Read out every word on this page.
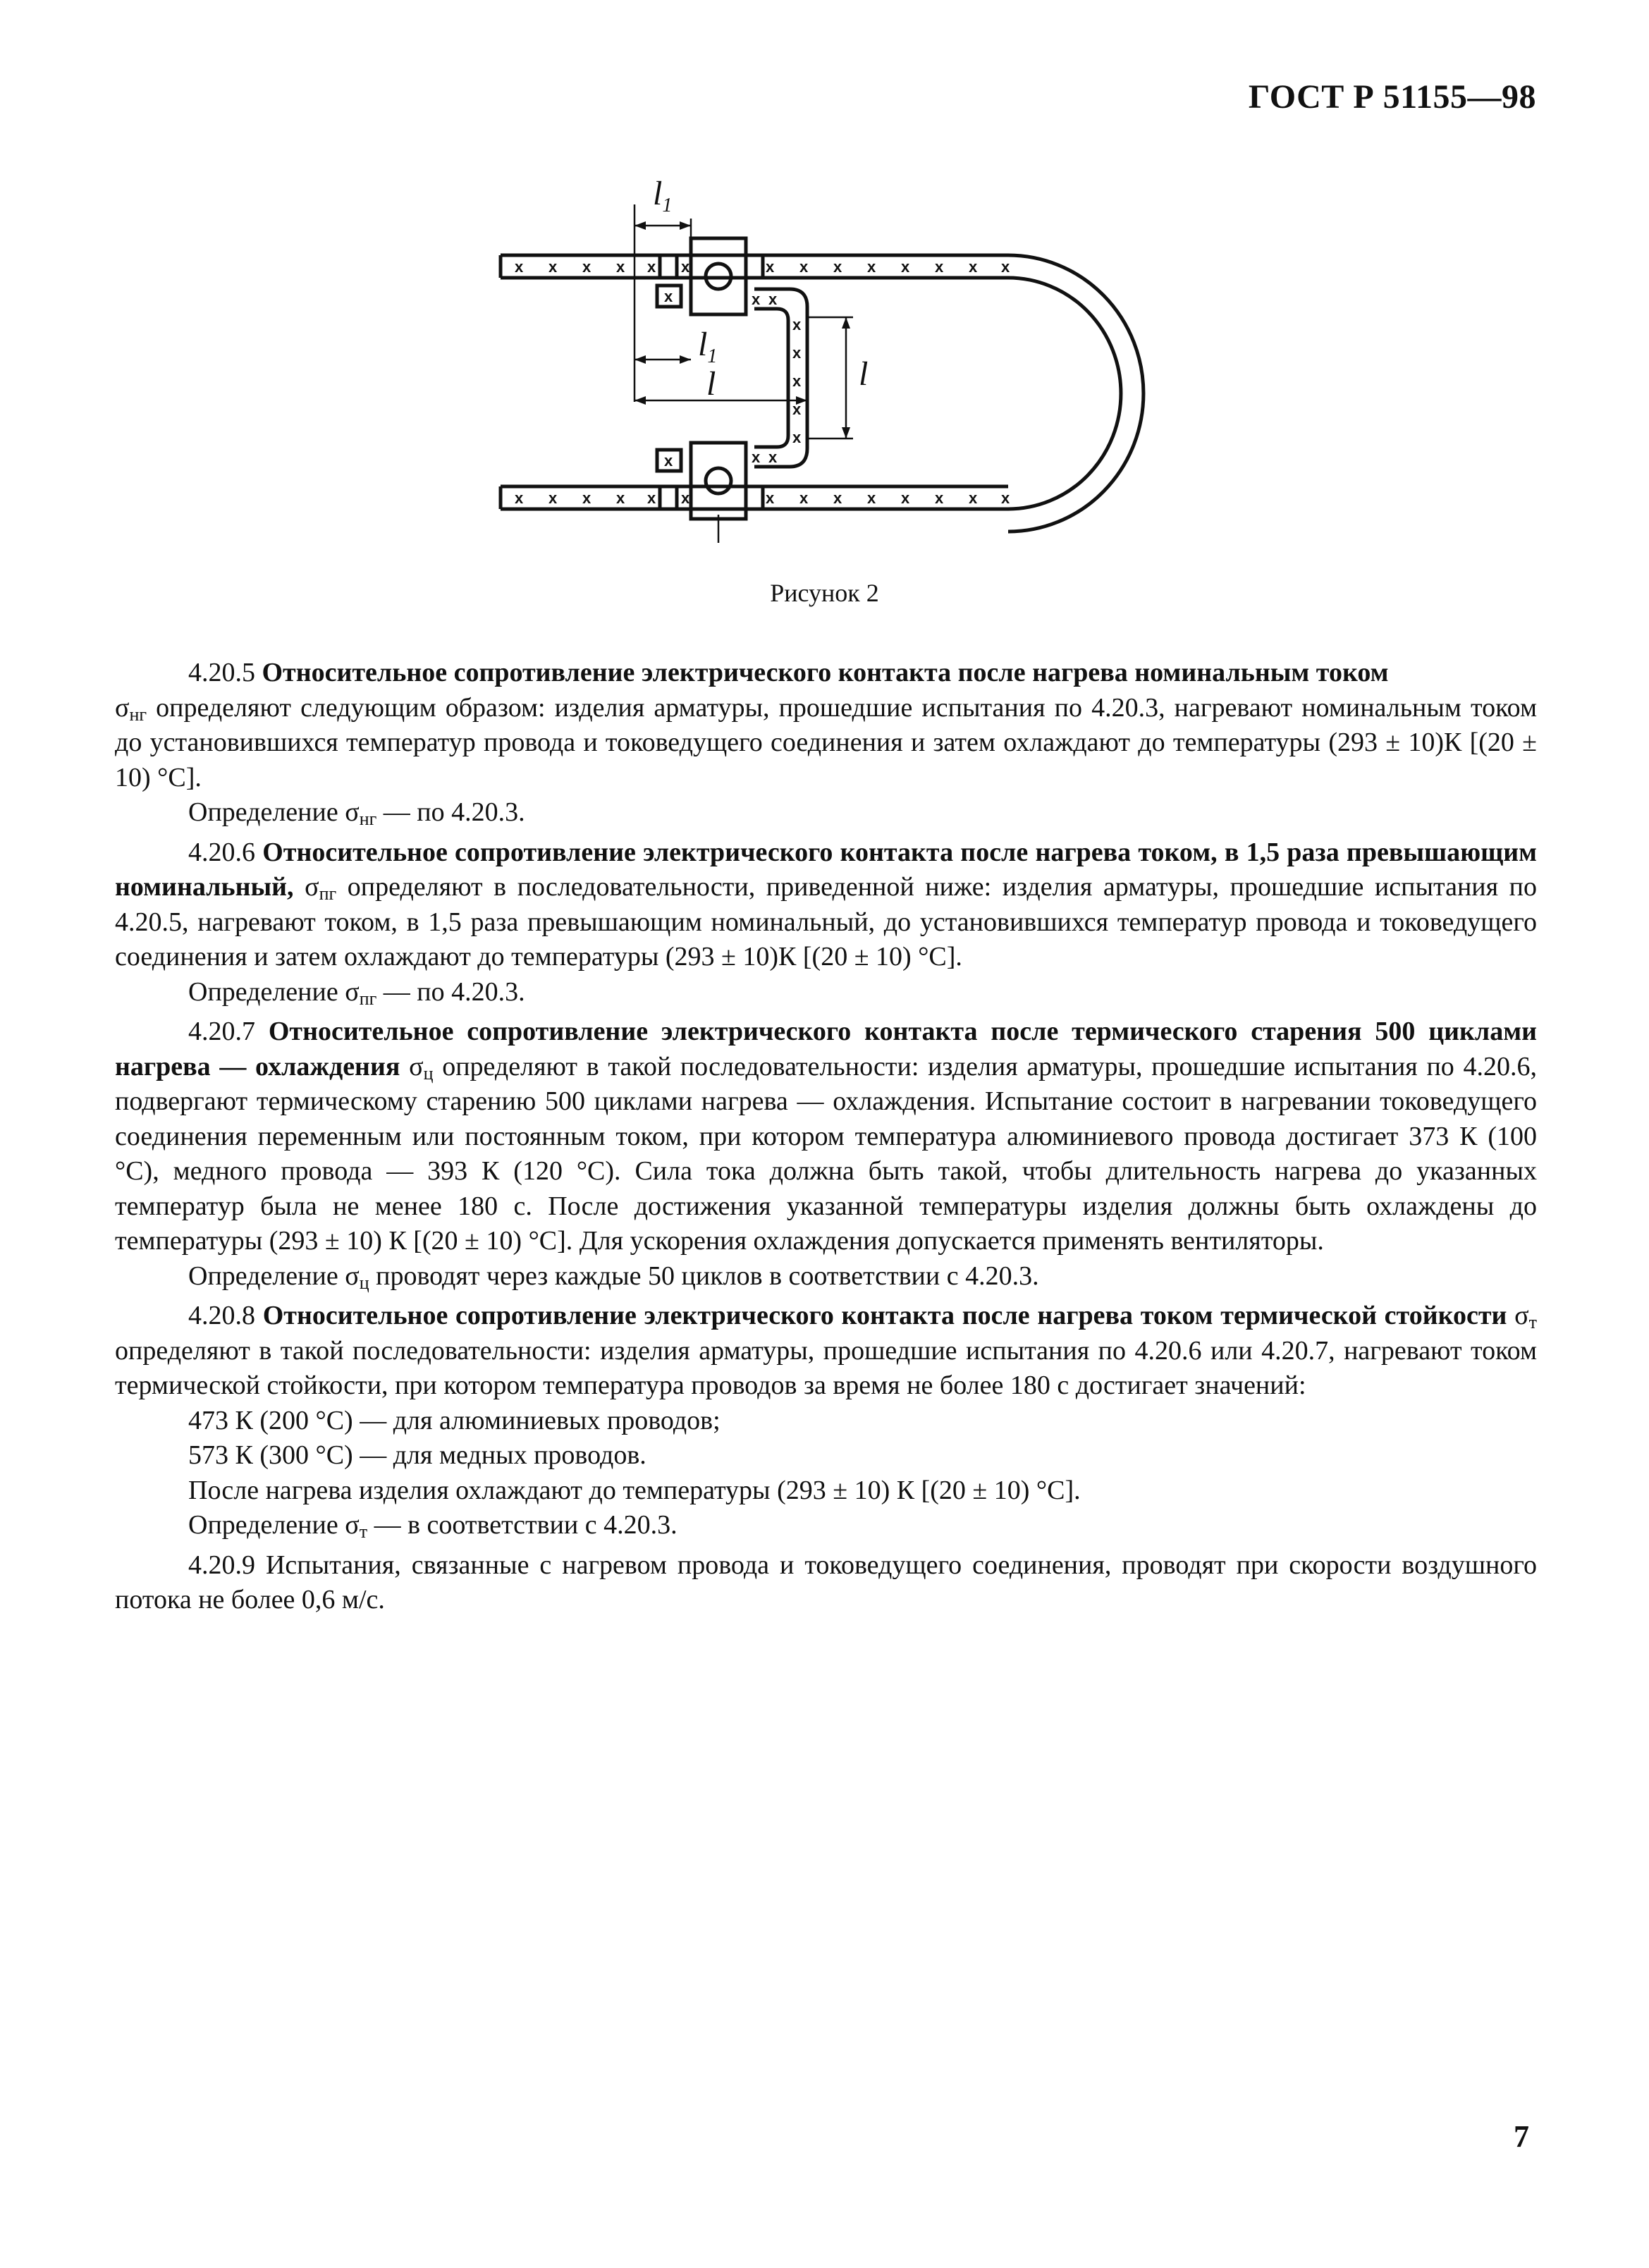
ГОСТ Р 51155—98
x x x x x x	x x x x x x x x
x x x x x x	x x x x x x x x
x
x
x x
x x
x
x
x
x
x
$l_1$
$l_1$
l	l
Рисунок 2

4.20.5 Относительное сопротивление электрического контакта после нагрева номинальным током
$\sigma_{нг}$ определяют следующим образом: изделия арматуры, прошедшие испытания по 4.20.3, нагревают номинальным током до установившихся температур провода и токоведущего соединения и затем охлаждают до температуры (293 ± 10)К [(20 ± 10) °С].

Определение $\sigma_{нг}$ — по 4.20.3.

4.20.6 Относительное сопротивление электрического контакта после нагрева током, в 1,5 раза превышающим номинальный, $\sigma_{пг}$ определяют в последовательности, приведенной ниже: изделия арматуры, прошедшие испытания по 4.20.5, нагревают током, в 1,5 раза превышающим номинальный, до установившихся температур провода и токоведущего соединения и затем охлаждают до температуры (293 ± 10)К [(20 ± 10) °С].

Определение $\sigma_{пг}$ — по 4.20.3.

4.20.7 Относительное сопротивление электрического контакта после термического старения 500 циклами нагрева — охлаждения $\sigma_ц$ определяют в такой последовательности: изделия арматуры, прошедшие испытания по 4.20.6, подвергают термическому старению 500 циклами нагрева — охлаждения. Испытание состоит в нагревании токоведущего соединения переменным или постоянным током, при котором температура алюминиевого провода достигает 373 К (100 °С), медного провода — 393 К (120 °С). Сила тока должна быть такой, чтобы длительность нагрева до указанных температур была не менее 180 с. После достижения указанной температуры изделия должны быть охлаждены до температуры (293 ± 10) К [(20 ± 10) °С]. Для ускорения охлаждения допускается применять вентиляторы.

Определение $\sigma_ц$ проводят через каждые 50 циклов в соответствии с 4.20.3.

4.20.8 Относительное сопротивление электрического контакта после нагрева током термической стойкости $\sigma_т$ определяют в такой последовательности: изделия арматуры, прошедшие испытания по 4.20.6 или 4.20.7, нагревают током термической стойкости, при котором температура проводов за время не более 180 с достигает значений:

473 К (200 °С) — для алюминиевых проводов;

573 К (300 °С) — для медных проводов.

После нагрева изделия охлаждают до температуры (293 ± 10) К [(20 ± 10) °С].

Определение $\sigma_т$ — в соответствии с 4.20.3.

4.20.9 Испытания, связанные с нагревом провода и токоведущего соединения, проводят при скорости воздушного потока не более 0,6 м/с.

7
